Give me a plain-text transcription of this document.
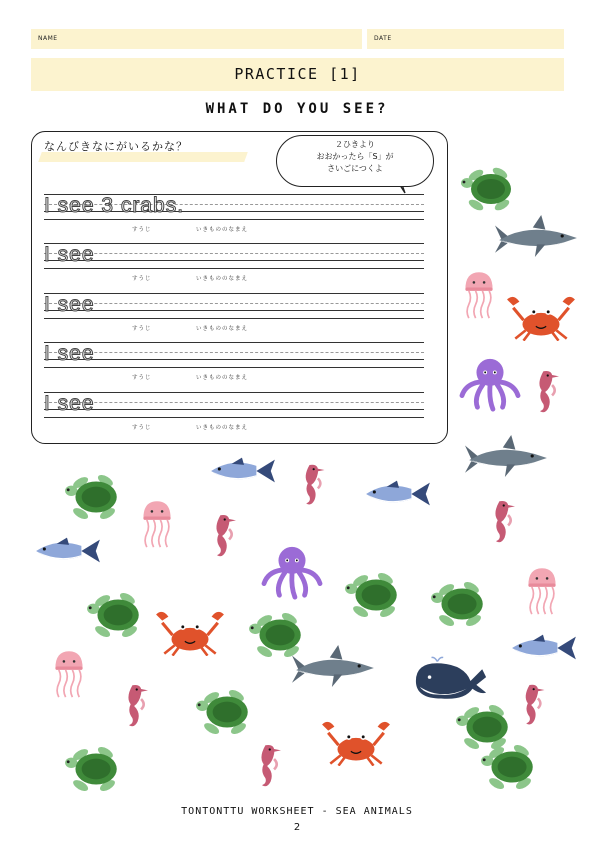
NAME	DATE
PRACTICE [1]
WHAT DO YOU SEE?
なんびきなにがいるかな？	２ひきより
おおかったら「S」が
さいごにつくよ
I see 3 crabs.
すうじ	いきもののなまえ
I see
すうじ	いきもののなまえ
I see
すうじ	いきもののなまえ
I see
すうじ	いきもののなまえ
I see
すうじ	いきもののなまえ
TONTONTTU WORKSHEET - SEA ANIMALS
2
